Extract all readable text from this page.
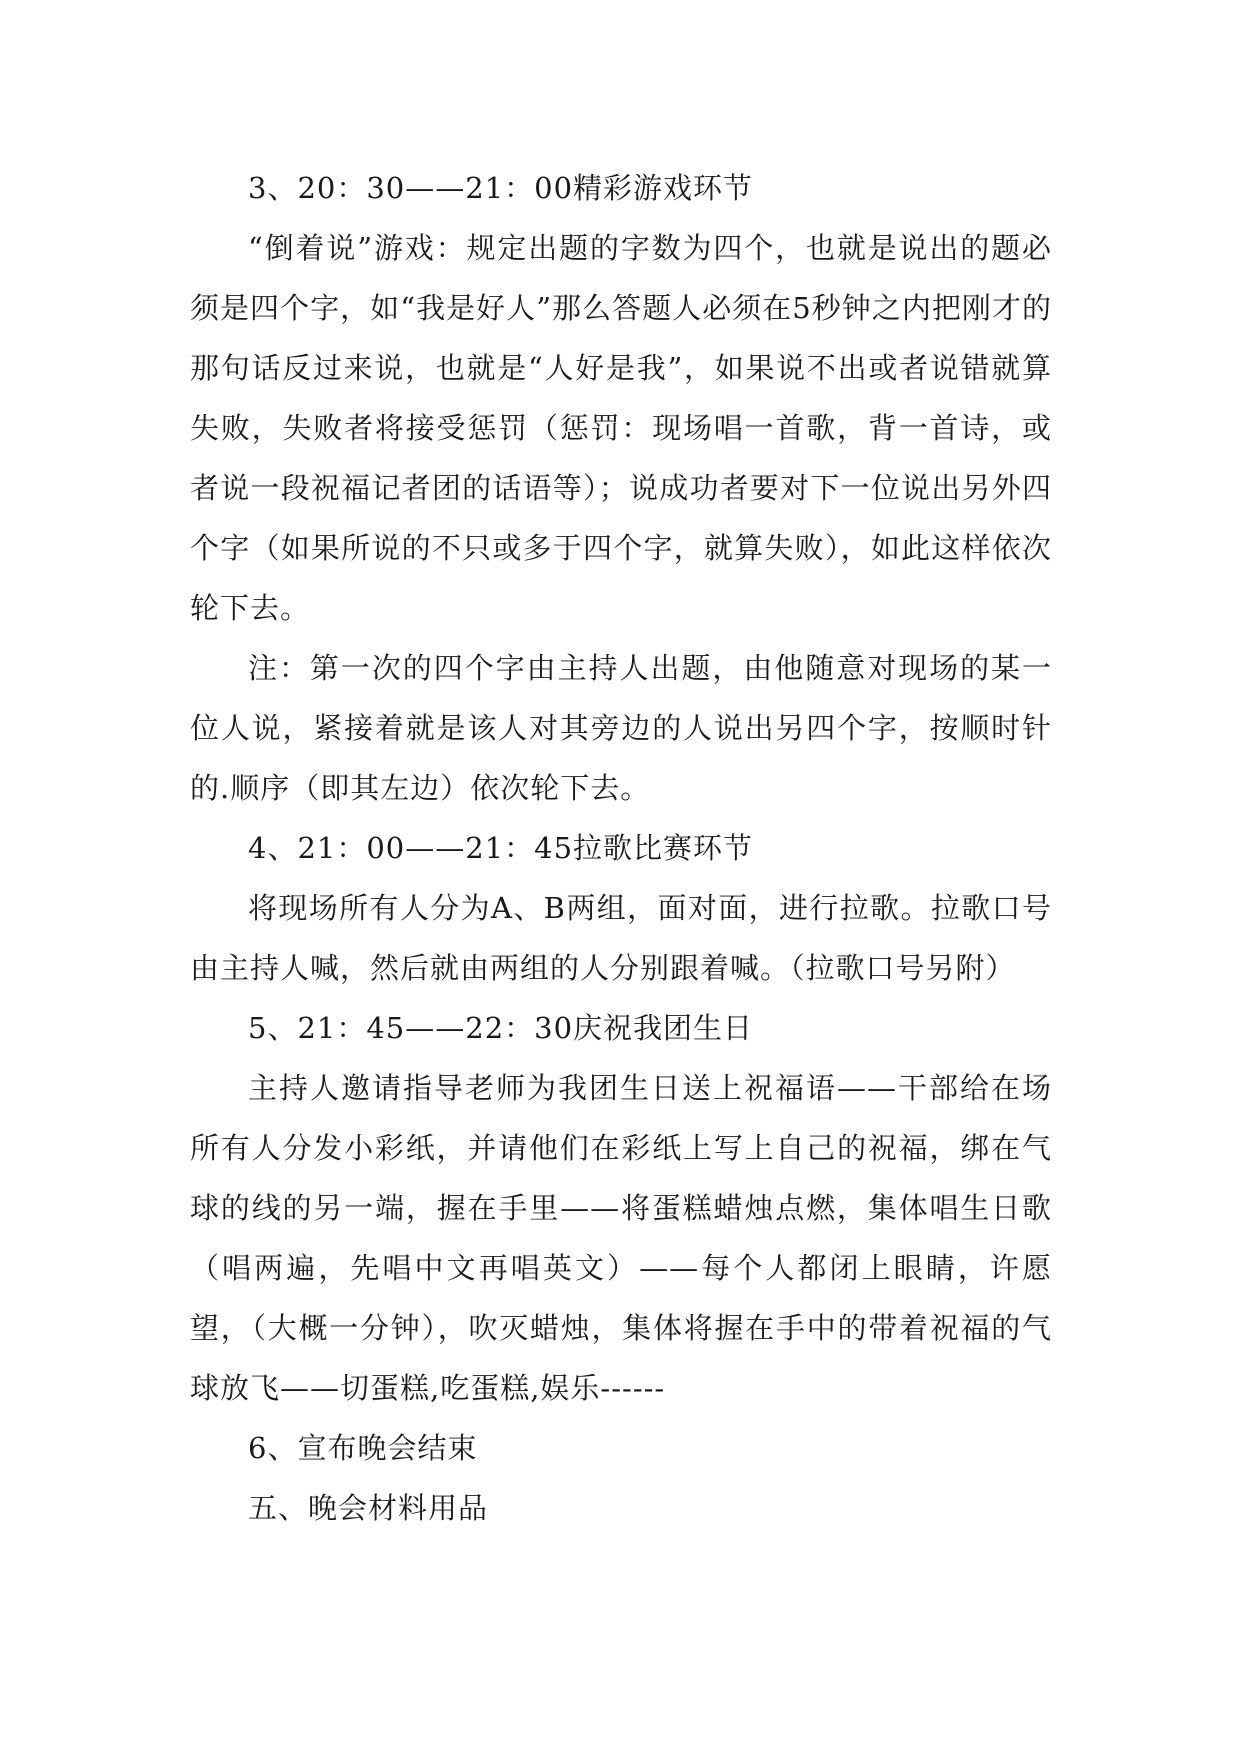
3、20：30——21：00精彩游戏环节

“倒着说”游戏：规定出题的字数为四个，也就是说出的题必须是四个字，如“我是好人”那么答题人必须在5秒钟之内把刚才的那句话反过来说，也就是“人好是我”，如果说不出或者说错就算失败，失败者将接受惩罚（惩罚：现场唱一首歌，背一首诗，或者说一段祝福记者团的话语等）；说成功者要对下一位说出另外四个字（如果所说的不只或多于四个字，就算失败），如此这样依次轮下去。

注：第一次的四个字由主持人出题，由他随意对现场的某一位人说，紧接着就是该人对其旁边的人说出另四个字，按顺时针的.顺序（即其左边）依次轮下去。

4、21：00——21：45拉歌比赛环节

将现场所有人分为A、B两组，面对面，进行拉歌。拉歌口号由主持人喊，然后就由两组的人分别跟着喊。（拉歌口号另附）

5、21：45——22：30庆祝我团生日

主持人邀请指导老师为我团生日送上祝福语——干部给在场所有人分发小彩纸，并请他们在彩纸上写上自己的祝福，绑在气球的线的另一端，握在手里——将蛋糕蜡烛点燃，集体唱生日歌（唱两遍，先唱中文再唱英文）——每个人都闭上眼睛，许愿望，（大概一分钟），吹灭蜡烛，集体将握在手中的带着祝福的气球放飞——切蛋糕,吃蛋糕,娱乐------

6、宣布晚会结束

五、晚会材料用品
